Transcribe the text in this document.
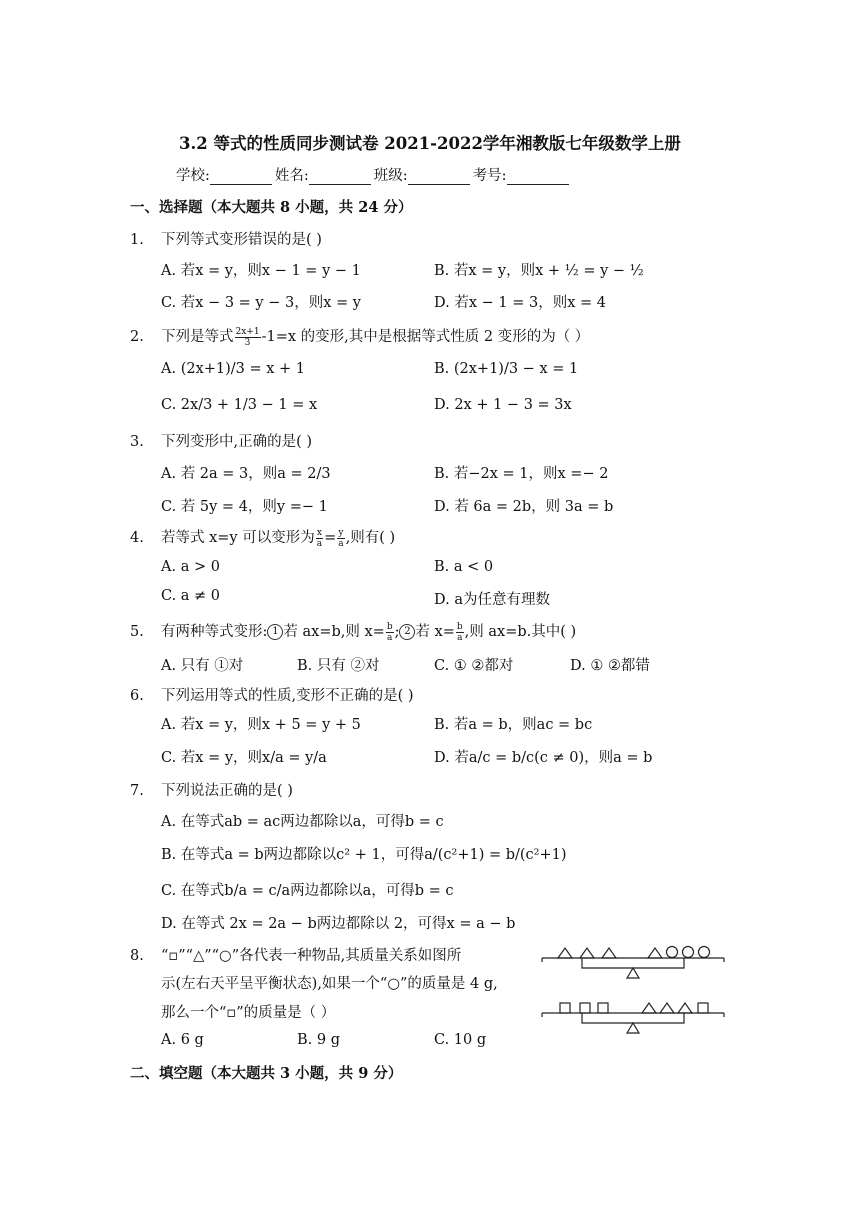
3.2 等式的性质同步测试卷 2021-2022学年湘教版七年级数学上册
学校:	姓名:	班级:	考号:
一、选择题（本大题共 8 小题，共 24 分）
1. 下列等式变形错误的是( )
A. 若x = y，则x − 1 = y − 1	B. 若x = y，则x + ½ = y − ½
C. 若x − 3 = y − 3，则x = y	D. 若x − 1 = 3，则x = 4
2. 下列是等式 $\frac{2x+1}{3} -1=x$ 的变形,其中是根据等式性质 2 变形的为（ ）
A. (2x+1)/3 = x + 1	B. (2x+1)/3 − x = 1
C. 2x/3 + 1/3 − 1 = x	D. 2x + 1 − 3 = 3x
3. 下列变形中,正确的是( )
A. 若 2a = 3，则a = 2/3	B. 若−2x = 1，则x =− 2
C. 若 5y = 4，则y =− 1	D. 若 6a = 2b，则 3a = b
4. 若等式 x=y 可以变形为 $\frac{x}{a} = \frac{y}{a}$ ,则有( )
A. a > 0	B. a < 0
C. a ≠ 0	D. a为任意有理数
5. 有两种等式变形: 1 若 ax=b,则 $x= \frac{b}{a}$ ; 2 若 $x= \frac{b}{a}$ ,则 ax=b.其中( )
A. 只有 ①对	B. 只有 ②对	C. ① ②都对	D. ① ②都错
6. 下列运用等式的性质,变形不正确的是( )
A. 若x = y，则x + 5 = y + 5	B. 若a = b，则ac = bc
C. 若x = y，则x/a = y/a	D. 若a/c = b/c(c ≠ 0)，则a = b
7. 下列说法正确的是( )
A. 在等式ab = ac两边都除以a，可得b = c
B. 在等式a = b两边都除以c² + 1，可得a/(c²+1) = b/(c²+1)
C. 在等式b/a = c/a两边都除以a，可得b = c
D. 在等式 2x = 2a − b两边都除以 2，可得x = a − b
8. “▫”“△”“○”各代表一种物品,其质量关系如图所
示(左右天平呈平衡状态),如果一个“○”的质量是 4 g,
那么一个“▫”的质量是（ ）
A. 6 g	B. 9 g	C. 10 g
二、填空题（本大题共 3 小题，共 9 分）
